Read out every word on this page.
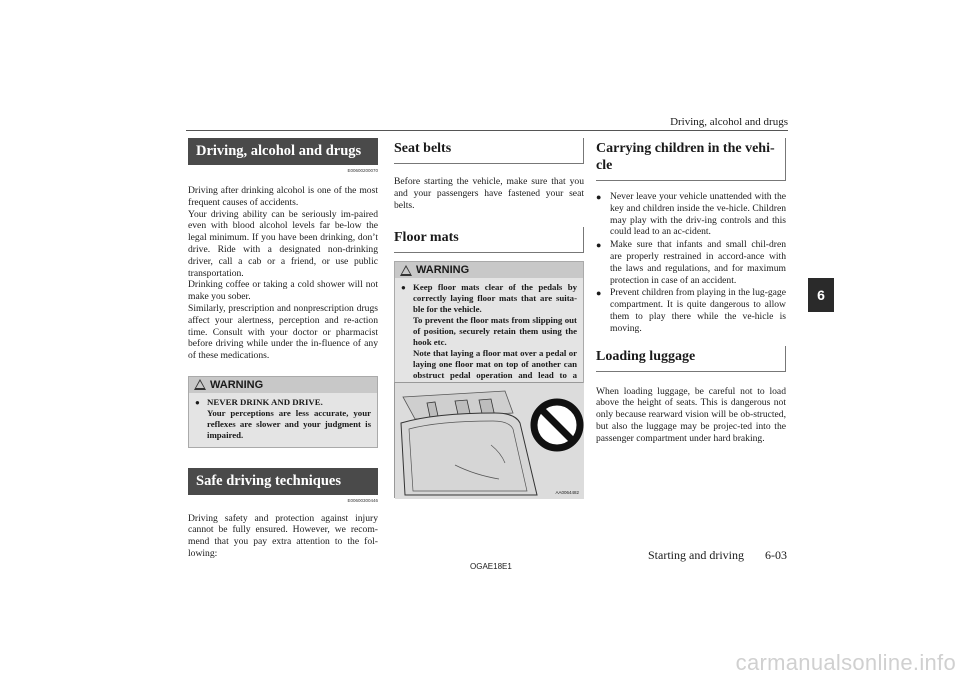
Driving, alcohol and drugs
6
Driving, alcohol and drugs
E00600200070

Driving after drinking alcohol is one of the most frequent causes of accidents.

Your driving ability can be seriously im-paired even with blood alcohol levels far be-low the legal minimum. If you have been drinking, don’t drive. Ride with a designated non-drinking driver, call a cab or a friend, or use public transportation.

Drinking coffee or taking a cold shower will not make you sober.

Similarly, prescription and nonprescription drugs affect your alertness, perception and re-action time. Consult with your doctor or pharmacist before driving while under the in-fluence of any of these medications.

WARNING
● NEVER DRINK AND DRIVE.
Your perceptions are less accurate, your reflexes are slower and your judgment is impaired.
Safe driving techniques
E00600300446

Driving safety and protection against injury cannot be fully ensured. However, we recom-mend that you pay extra attention to the fol-lowing:

Seat belts

Before starting the vehicle, make sure that you and your passengers have fastened your seat belts.

Floor mats
WARNING
● Keep floor mats clear of the pedals by correctly laying floor mats that are suita-ble for the vehicle.
To prevent the floor mats from slipping out of position, securely retain them using the hook etc.
Note that laying a floor mat over a pedal or laying one floor mat on top of another can obstruct pedal operation and lead to a
AA0064482
Carrying children in the vehi-cle

● Never leave your vehicle unattended with the key and children inside the ve-hicle. Children may play with the driv-ing controls and this could lead to an ac-cident.

● Make sure that infants and small chil-dren are properly restrained in accord-ance with the laws and regulations, and for maximum protection in case of an accident.

● Prevent children from playing in the lug-gage compartment. It is quite dangerous to allow them to play there while the ve-hicle is moving.

Loading luggage

When loading luggage, be careful not to load above the height of seats. This is dangerous not only because rearward vision will be ob-structed, but also the luggage may be projec-ted into the passenger compartment under hard braking.

OGAE18E1
Starting and driving 6-03
carmanualsonline.info
